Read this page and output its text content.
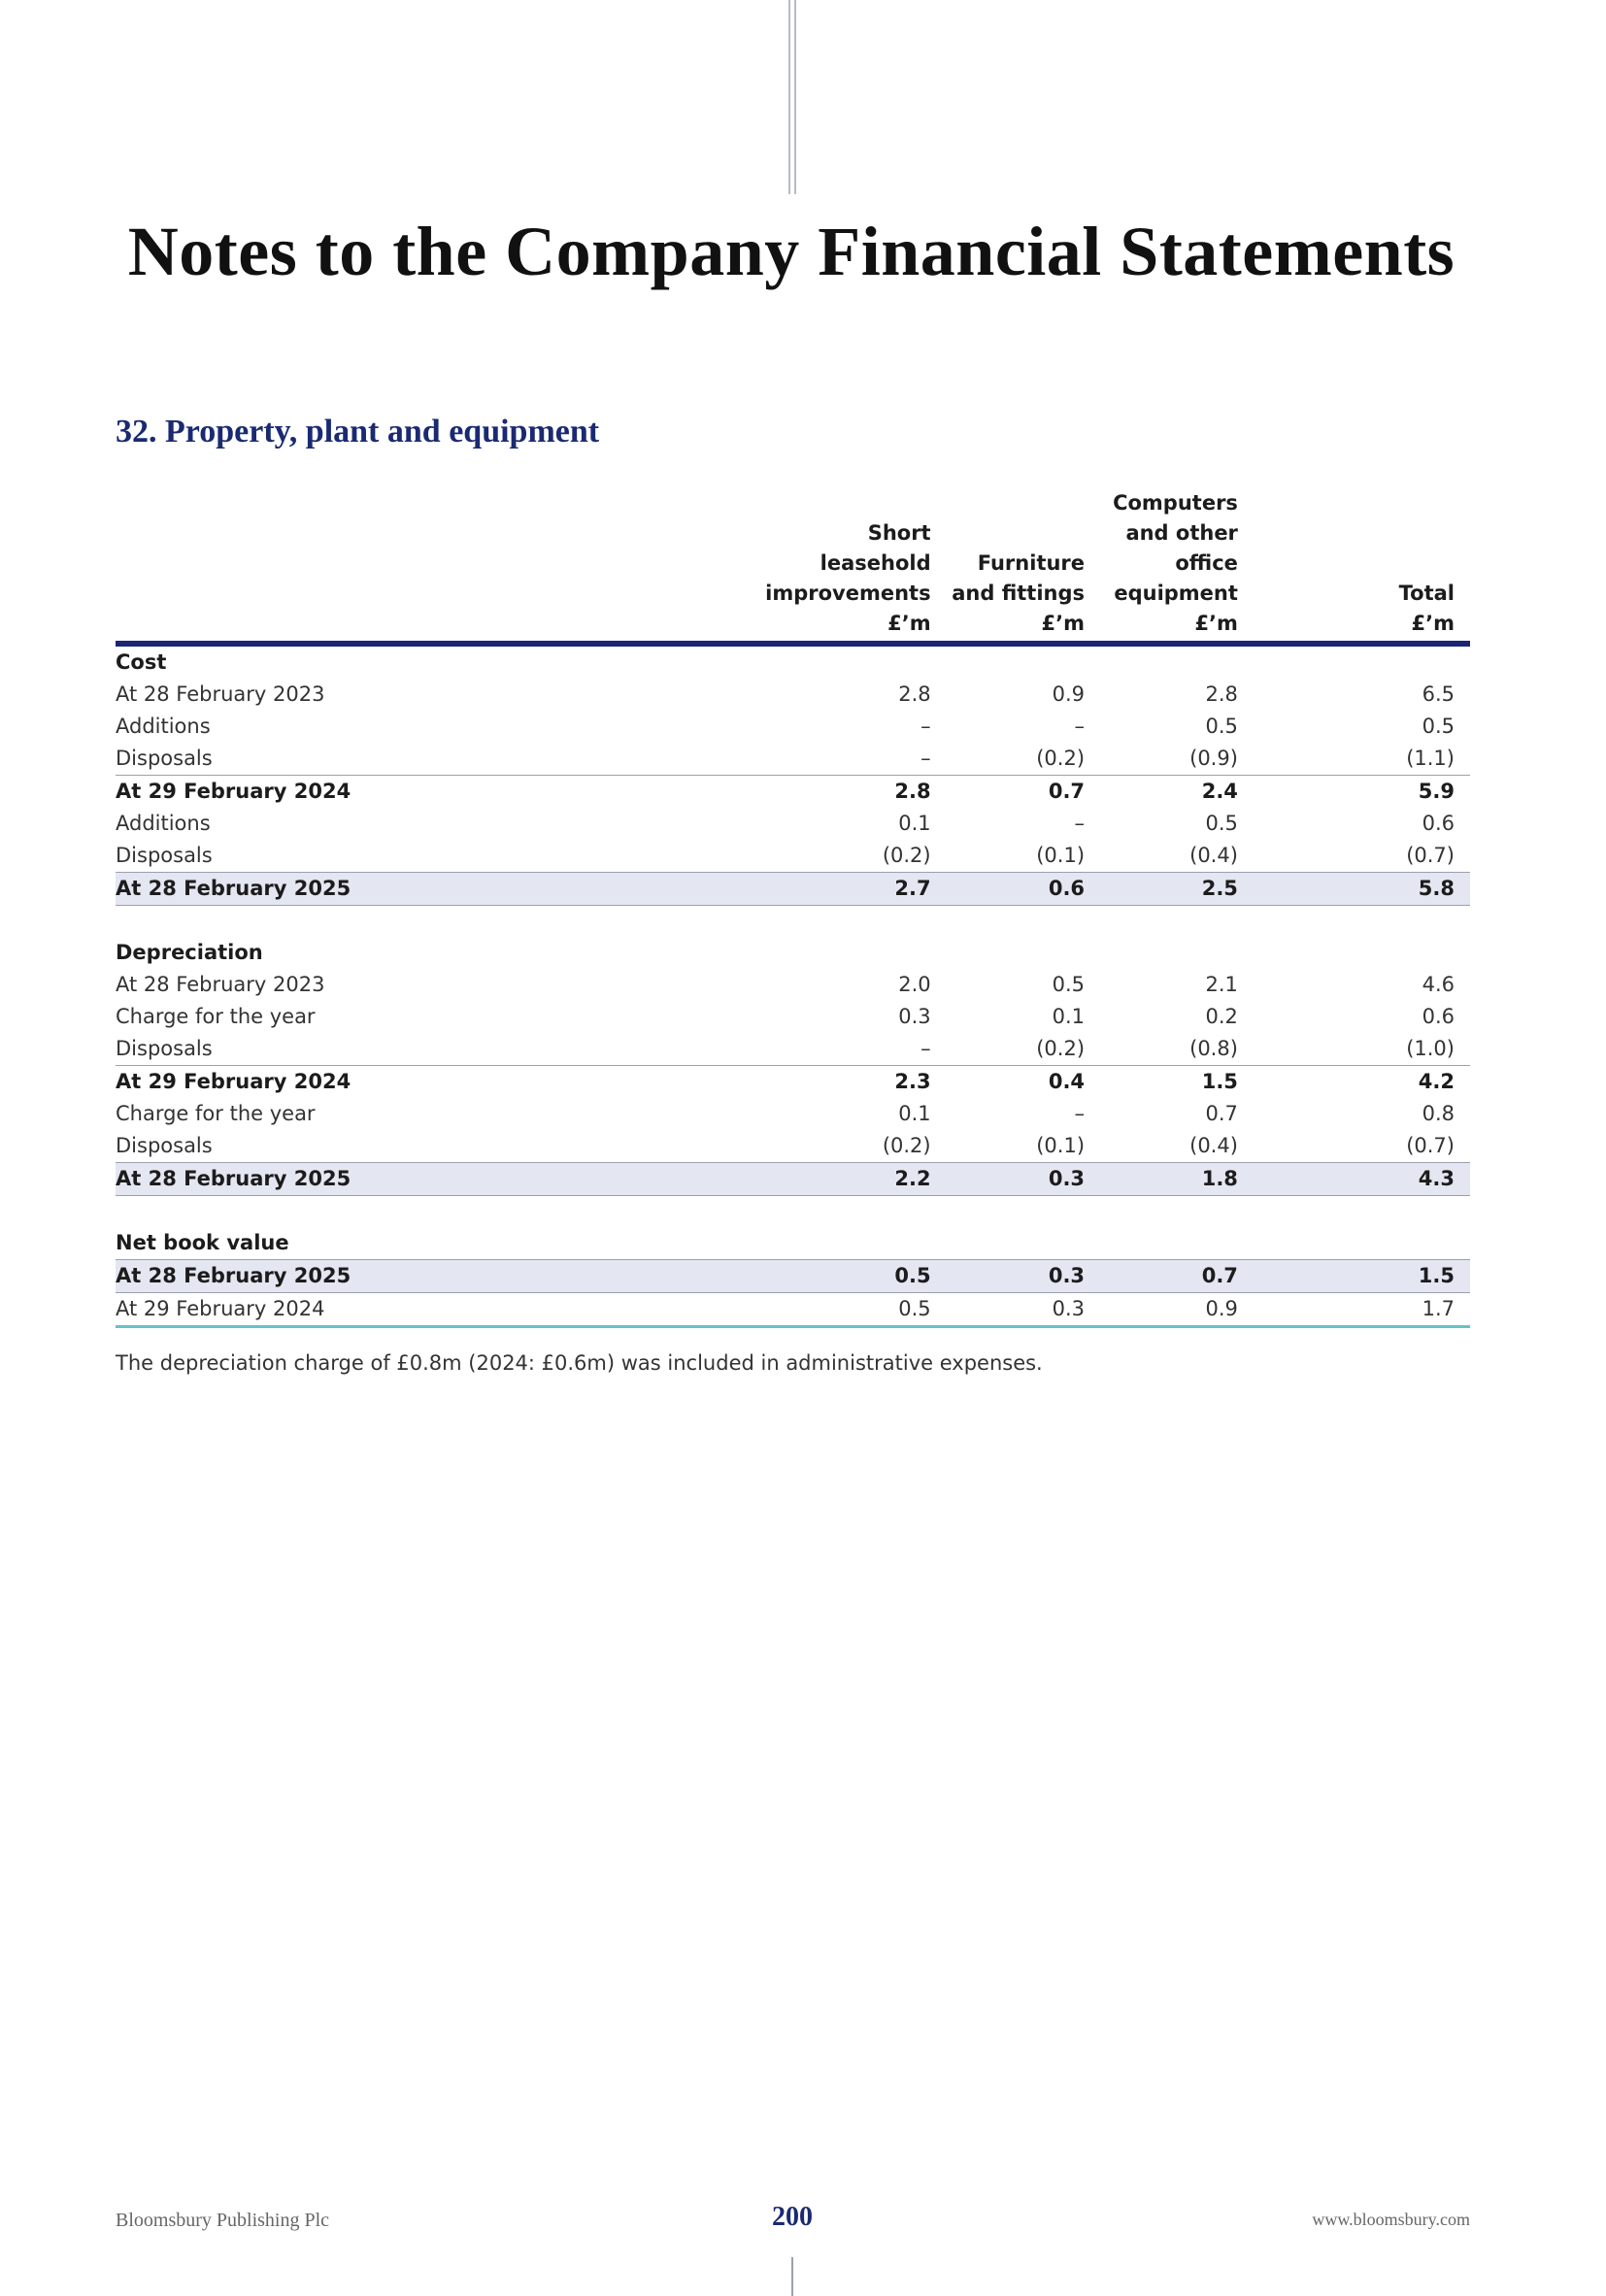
Notes to the Company Financial Statements
32. Property, plant and equipment
	Short
leasehold
improvements
£’m	Furniture
and fittings
£’m	Computers
and other
office
equipment
£’m	Total
£’m
Cost				
At 28 February 2023	2.8	0.9	2.8	6.5
Additions	–	–	0.5	0.5
Disposals	–	(0.2)	(0.9)	(1.1)
At 29 February 2024	2.8	0.7	2.4	5.9
Additions	0.1	–	0.5	0.6
Disposals	(0.2)	(0.1)	(0.4)	(0.7)
At 28 February 2025	2.7	0.6	2.5	5.8

Depreciation				
At 28 February 2023	2.0	0.5	2.1	4.6
Charge for the year	0.3	0.1	0.2	0.6
Disposals	–	(0.2)	(0.8)	(1.0)
At 29 February 2024	2.3	0.4	1.5	4.2
Charge for the year	0.1	–	0.7	0.8
Disposals	(0.2)	(0.1)	(0.4)	(0.7)
At 28 February 2025	2.2	0.3	1.8	4.3

Net book value				
At 28 February 2025	0.5	0.3	0.7	1.5
At 29 February 2024	0.5	0.3	0.9	1.7

The depreciation charge of £0.8m (2024: £0.6m) was included in administrative expenses.

Bloomsbury Publishing Plc	200	www.bloomsbury.com
